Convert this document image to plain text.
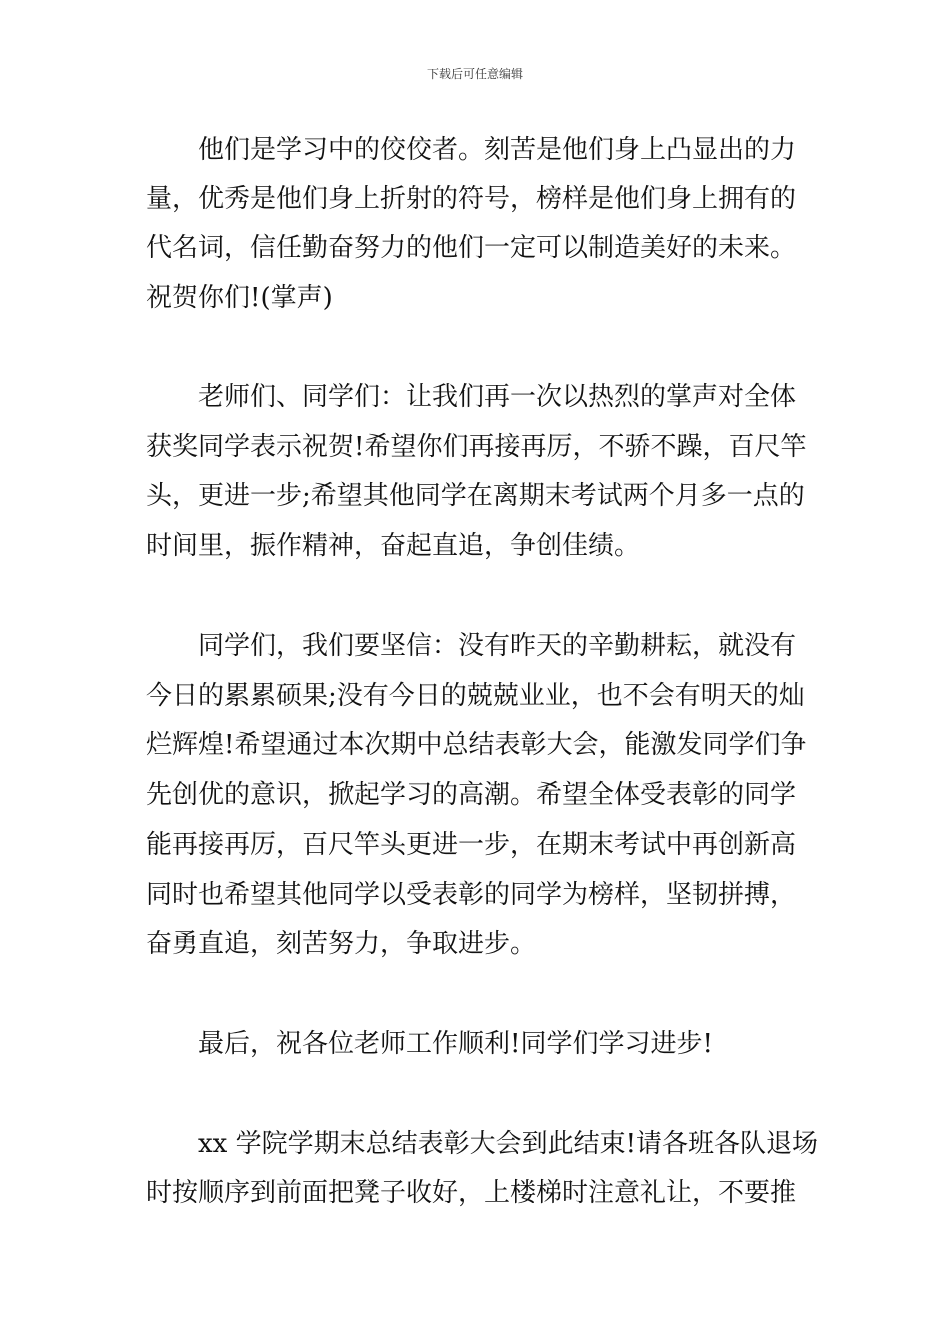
下载后可任意编辑
他们是学习中的佼佼者。刻苦是他们身上凸显出的力
量，优秀是他们身上折射的符号，榜样是他们身上拥有的
代名词，信任勤奋努力的他们一定可以制造美好的未来。
祝贺你们!(掌声)
老师们、同学们：让我们再一次以热烈的掌声对全体
获奖同学表示祝贺!希望你们再接再厉，不骄不躁，百尺竿
头，更进一步;希望其他同学在离期末考试两个月多一点的
时间里，振作精神，奋起直追，争创佳绩。
同学们，我们要坚信：没有昨天的辛勤耕耘，就没有
今日的累累硕果;没有今日的兢兢业业，也不会有明天的灿
烂辉煌!希望通过本次期中总结表彰大会，能激发同学们争
先创优的意识，掀起学习的高潮。希望全体受表彰的同学
能再接再厉，百尺竿头更进一步，在期末考试中再创新高
同时也希望其他同学以受表彰的同学为榜样，坚韧拼搏，
奋勇直追，刻苦努力，争取进步。
最后，祝各位老师工作顺利!同学们学习进步!
xx 学院学期末总结表彰大会到此结束!请各班各队退场
时按顺序到前面把凳子收好，上楼梯时注意礼让，不要推
